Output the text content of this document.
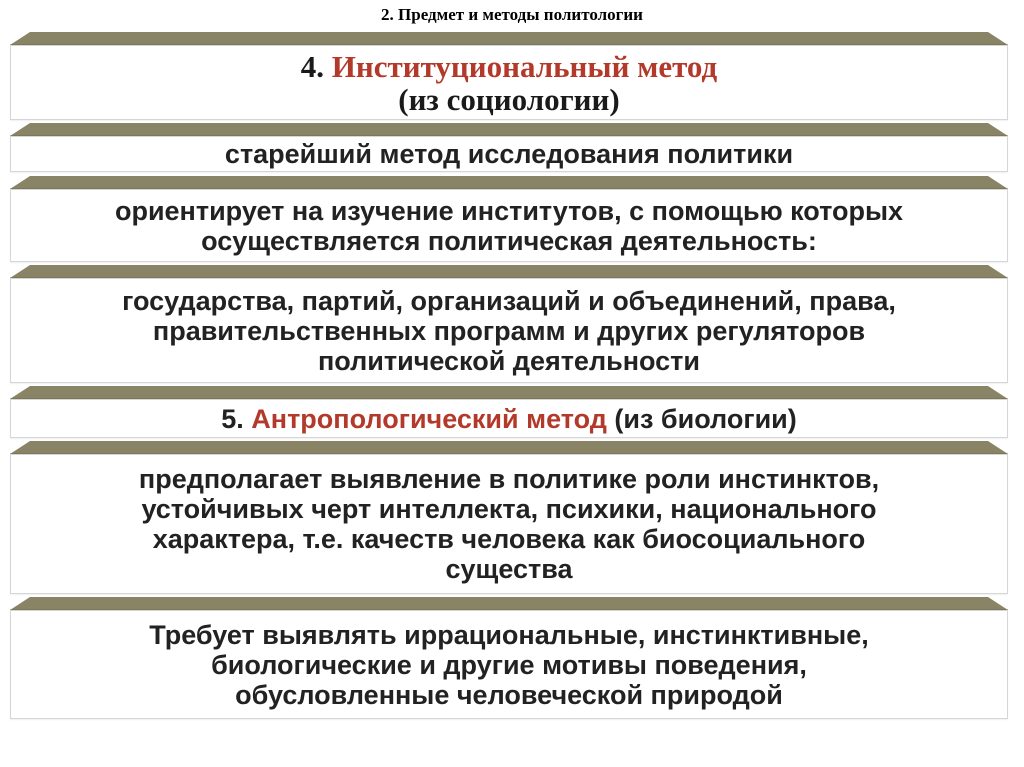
2. Предмет и методы политологии
4. Институциональный метод
(из социологии)
старейший метод исследования политики
ориентирует на изучение институтов, с помощью которых
осуществляется политическая деятельность:
государства, партий, организаций и объединений, права,
правительственных программ и других регуляторов
политической деятельности
5. Антропологический метод (из биологии)
предполагает выявление в политике роли инстинктов,
устойчивых черт интеллекта, психики, национального
характера, т.е. качеств человека как биосоциального
существа
Требует выявлять иррациональные, инстинктивные,
биологические и другие мотивы поведения,
обусловленные человеческой природой
